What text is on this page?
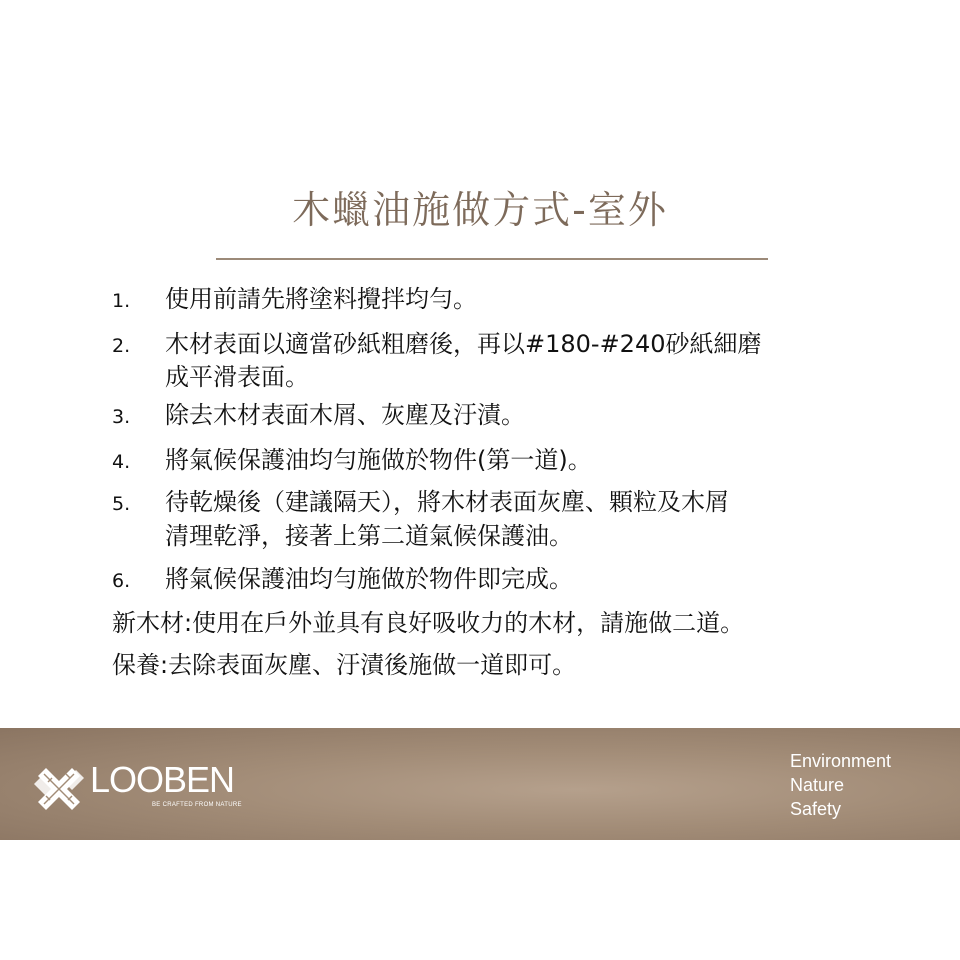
木蠟油施做方式-室外
1. 使用前請先將塗料攪拌均勻。
2. 木材表面以適當砂紙粗磨後，再以#180-#240砂紙細磨
成平滑表面。
3. 除去木材表面木屑、灰塵及汙漬。
4. 將氣候保護油均勻施做於物件(第一道)。
5. 待乾燥後（建議隔天），將木材表面灰塵、顆粒及木屑
清理乾淨，接著上第二道氣候保護油。
6. 將氣候保護油均勻施做於物件即完成。
新木材:使用在戶外並具有良好吸收力的木材，請施做二道。
保養:去除表面灰塵、汙漬後施做一道即可。
LOOBEN
BE CRAFTED FROM NATURE
Environment
Nature
Safety
